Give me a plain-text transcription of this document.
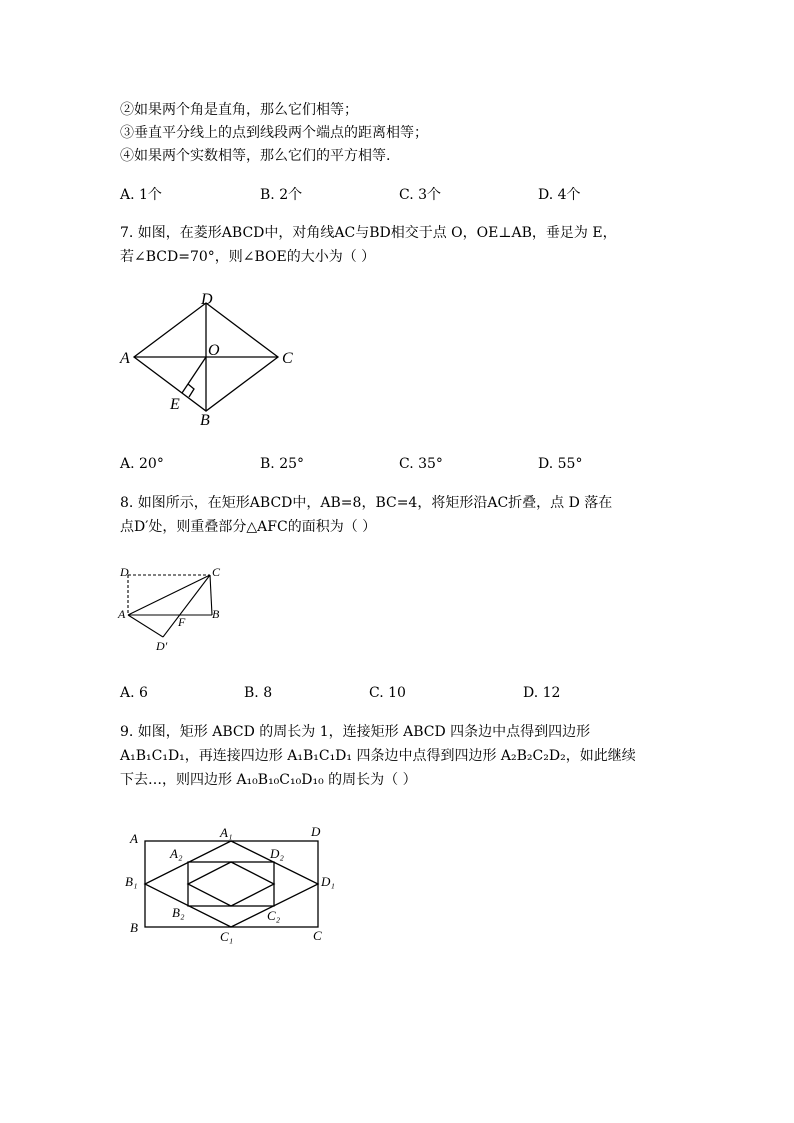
②如果两个角是直角，那么它们相等；
③垂直平分线上的点到线段两个端点的距离相等；
④如果两个实数相等，那么它们的平方相等.
A. 1个	B. 2个	C. 3个	D. 4个
7. 如图，在菱形ABCD中，对角线AC与BD相交于点 O，OE⊥AB，垂足为 E，
若∠BCD=70°，则∠BOE的大小为（ ）
D
A	O	C
E
B
A. 20°	B. 25°	C. 35°	D. 55°
8. 如图所示，在矩形ABCD中，AB=8，BC=4，将矩形沿AC折叠，点 D 落在
点D′处，则重叠部分△AFC的面积为（ ）
D	C
A	B
F
D′
A. 6	B. 8	C. 10	D. 12
9. 如图，矩形 ABCD 的周长为 1，连接矩形 ABCD 四条边中点得到四边形
A₁B₁C₁D₁，再连接四边形 A₁B₁C₁D₁ 四条边中点得到四边形 A₂B₂C₂D₂，如此继续
下去…，则四边形 A₁₀B₁₀C₁₀D₁₀ 的周长为（ ）
A	D
B
C
A₁
B₁
C₁
D₁
A₂
B₂	C₂
D₂
